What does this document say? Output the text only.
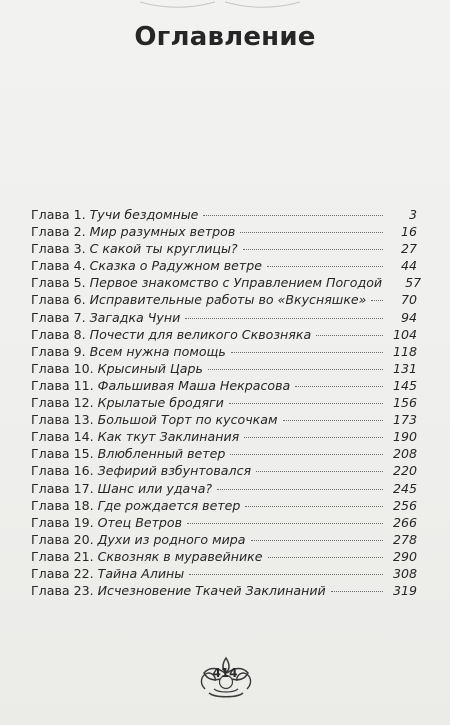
Оглавление
Глава 1. Тучи бездомные	3
Глава 2. Мир разумных ветров	16
Глава 3. С какой ты круглицы?	27
Глава 4. Сказка о Радужном ветре	44
Глава 5. Первое знакомство с Управлением Погодой	57
Глава 6. Исправительные работы во «Вкусняшке»	70
Глава 7. Загадка Чуни	94
Глава 8. Почести для великого Сквозняка	104
Глава 9. Всем нужна помощь	118
Глава 10. Крысиный Царь	131
Глава 11. Фальшивая Маша Некрасова	145
Глава 12. Крылатые бродяги	156
Глава 13. Большой Торт по кусочкам	173
Глава 14. Как ткут Заклинания	190
Глава 15. Влюбленный ветер	208
Глава 16. Зефирий взбунтовался	220
Глава 17. Шанс или удача?	245
Глава 18. Где рождается ветер	256
Глава 19. Отец Ветров	266
Глава 20. Духи из родного мира	278
Глава 21. Сквозняк в муравейнике	290
Глава 22. Тайна Алины	308
Глава 23. Исчезновение Ткачей Заклинаний	319
414
